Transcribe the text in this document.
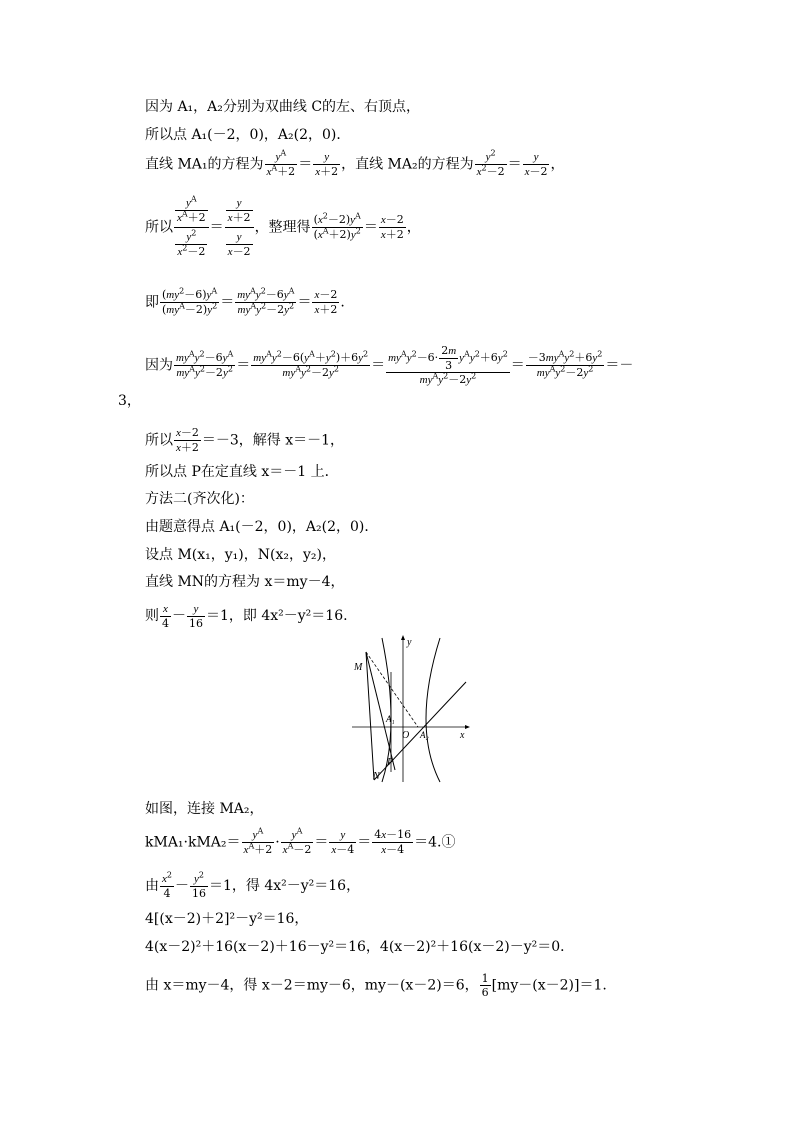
因为 A₁，A₂分别为双曲线 C的左、右顶点，
所以点 A₁(－2，0)，A₂(2，0)．
直线 MA₁的方程为 $\frac{y^A}{x^A+2} = \frac{y}{x+2}$ ，直线 MA₂的方程为 $\frac{y^2}{x^2-2} = \frac{y}{x-2}$ ，
所以
$\frac{y^A}{x^A+2}$
$\frac{y^2}{x^2-2}$
＝ $\frac{\frac{y}{x+2}}{\frac{y}{x-2}}$ ，整理得 $\frac{(x^2-2)y^A}{(x^A+2)y^2} = \frac{x-2}{x+2}$ ，
即 $(my^2-6)y^A$
$(my^A-2)y^2 = my^Ay^2-6y^A$
$my^Ay^2-2y^2 = \frac{x-2}{x+2}$ .
因为 $my^Ay^2-6y^A$
$my^Ay^2-2y^2 = my^Ay^2-6(y^A+y^2)+6y^2$
$my^Ay^2-2y^2$	＝ $my^Ay^2-6\cdot \frac{2m}{3} y^Ay^2+6y^2$
$my^Ay^2-2y^2$
＝ $-3my^Ay^2+6y^2$
$my^Ay^2-2y^2$ ＝－
3，
所以 $\frac{x-2}{x+2} =-3$，解得 x＝－1，
所以点 P在定直线 x＝－1 上．
方法二(齐次化)：
由题意得点 A₁(－2，0)，A₂(2，0)．
设点 M(x₁，y₁)，N(x₂，y₂)，
直线 MN的方程为 x＝my－4，
则 $\frac{x}{4} - \frac{y}{16} =1$，即 4x²－y²＝16.
y
x
M
A₁
O A₂
P
N
如图，连接 MA₂，
$kMA_1\cdot kMA_2= \frac{y^A}{x^A+2} \cdot \frac{y^A}{x^A-2} = \frac{y}{x-4} = \frac{4x-16}{x-4}$ ＝4.①
由 $\frac{x^2}{4} - \frac{y^2}{16} =1$，得 4x²－y²＝16，
4[(x－2)＋2]²－y²＝16，
4(x－2)²＋16(x－2)＋16－y²＝16，4(x－2)²＋16(x－2)－y²＝0．
由 x＝my－4，得 x－2＝my－6，my－(x－2)＝6， $\frac{1}{6} [my-(x-2)]=1$.
